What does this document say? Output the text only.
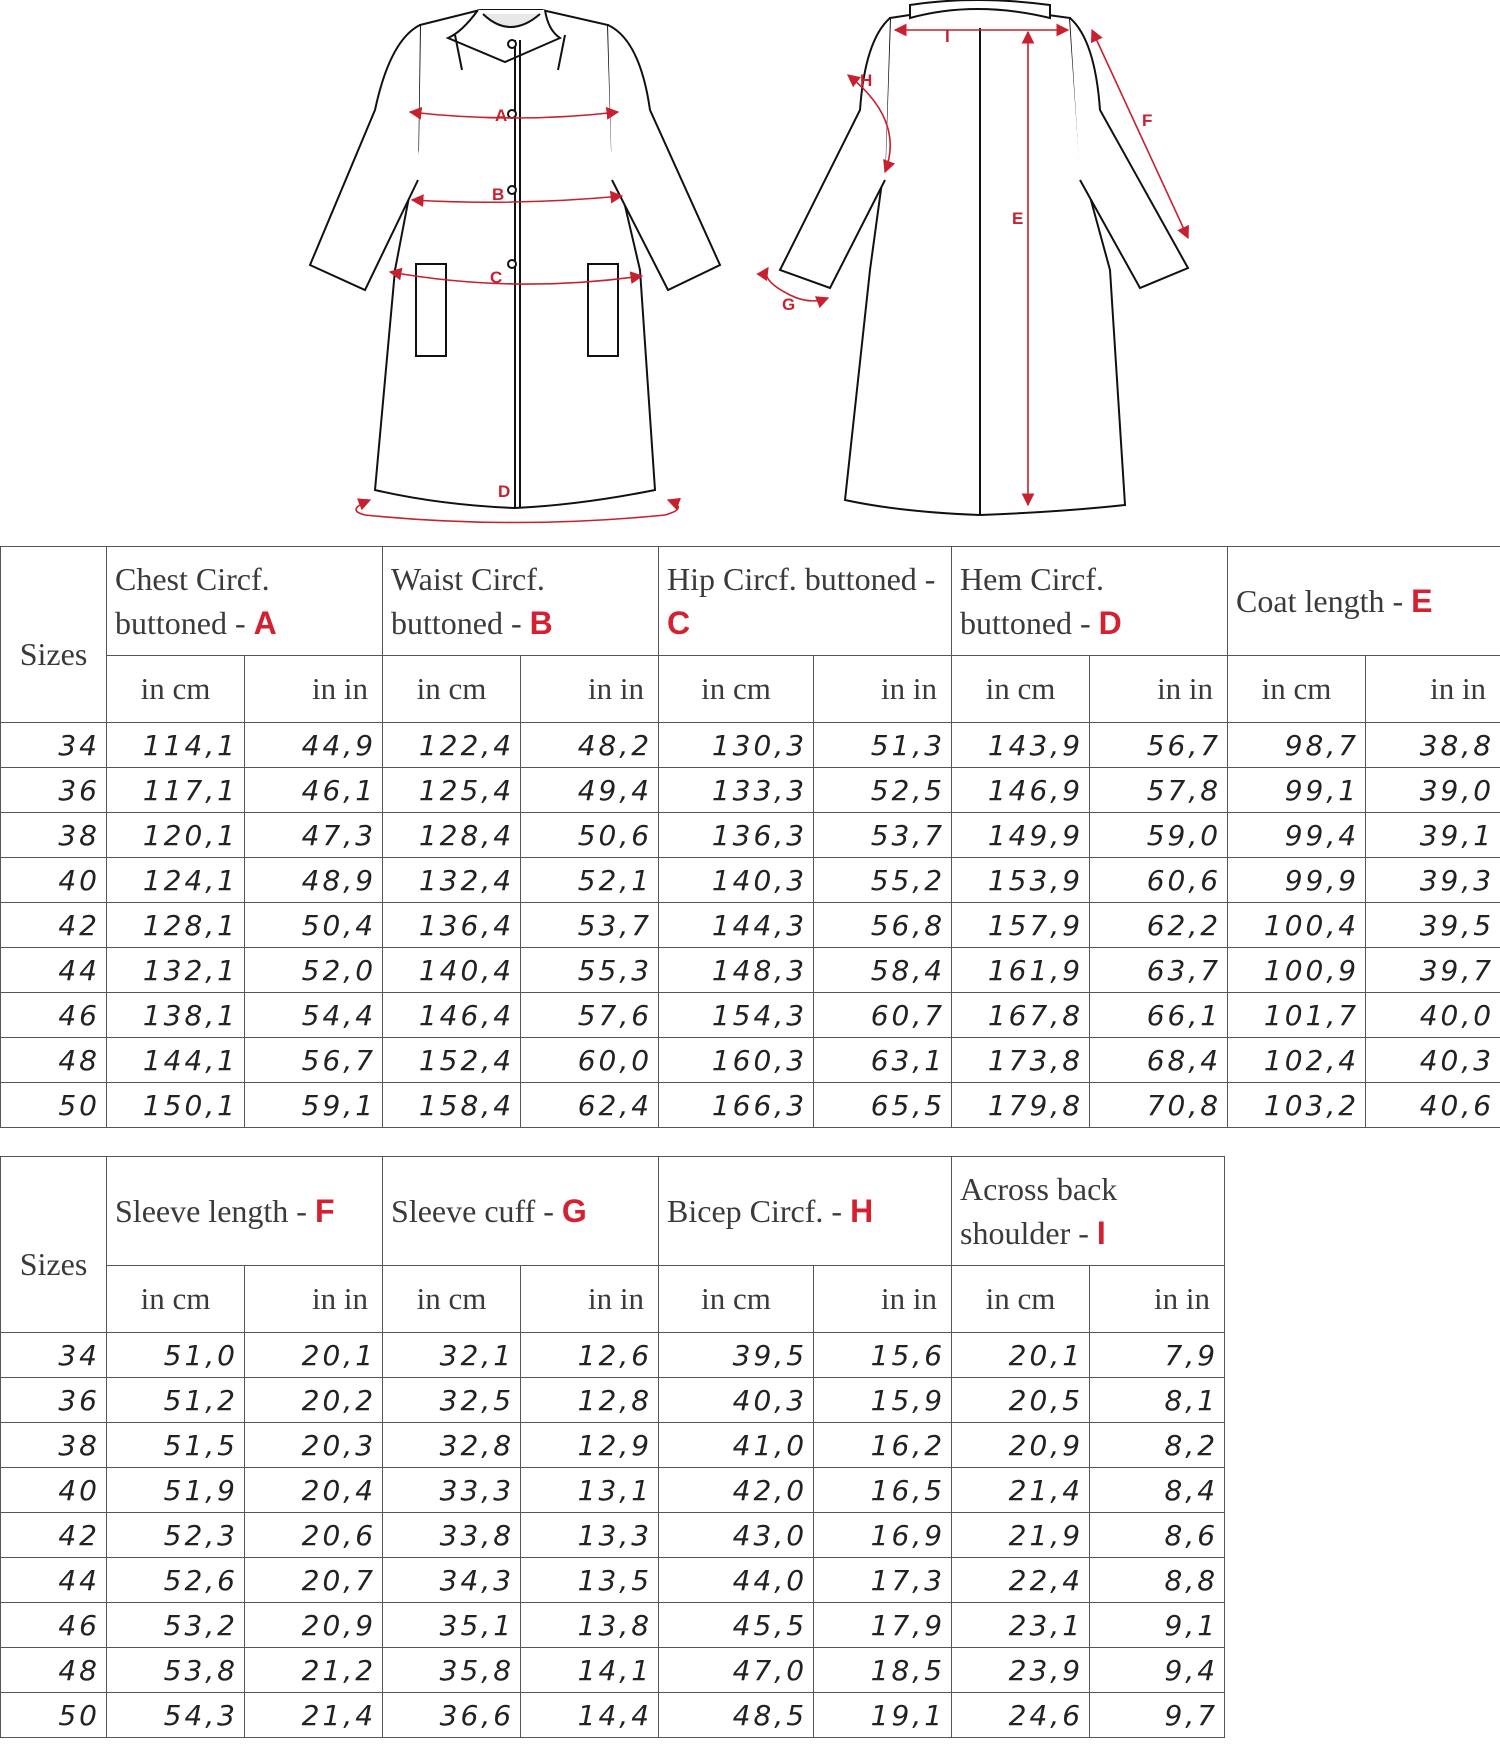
A
B
C
D
I
H
F
E
G
Sizes	Chest Circf. buttoned - A		Waist Circf. buttoned - B		Hip Circf. buttoned - C		Hem Circf. buttoned - D		Coat length - E	
	in cm	in in	in cm	in in	in cm	in in	in cm	in in	in cm	in in
34	114,1	44,9	122,4	48,2	130,3	51,3	143,9	56,7	98,7	38,8
36	117,1	46,1	125,4	49,4	133,3	52,5	146,9	57,8	99,1	39,0
38	120,1	47,3	128,4	50,6	136,3	53,7	149,9	59,0	99,4	39,1
40	124,1	48,9	132,4	52,1	140,3	55,2	153,9	60,6	99,9	39,3
42	128,1	50,4	136,4	53,7	144,3	56,8	157,9	62,2	100,4	39,5
44	132,1	52,0	140,4	55,3	148,3	58,4	161,9	63,7	100,9	39,7
46	138,1	54,4	146,4	57,6	154,3	60,7	167,8	66,1	101,7	40,0
48	144,1	56,7	152,4	60,0	160,3	63,1	173,8	68,4	102,4	40,3
50	150,1	59,1	158,4	62,4	166,3	65,5	179,8	70,8	103,2	40,6
Sizes	Sleeve length - F		Sleeve cuff - G		Bicep Circf. - H		Across back shoulder - I	
	in cm	in in	in cm	in in	in cm	in in	in cm	in in
34	51,0	20,1	32,1	12,6	39,5	15,6	20,1	7,9
36	51,2	20,2	32,5	12,8	40,3	15,9	20,5	8,1
38	51,5	20,3	32,8	12,9	41,0	16,2	20,9	8,2
40	51,9	20,4	33,3	13,1	42,0	16,5	21,4	8,4
42	52,3	20,6	33,8	13,3	43,0	16,9	21,9	8,6
44	52,6	20,7	34,3	13,5	44,0	17,3	22,4	8,8
46	53,2	20,9	35,1	13,8	45,5	17,9	23,1	9,1
48	53,8	21,2	35,8	14,1	47,0	18,5	23,9	9,4
50	54,3	21,4	36,6	14,4	48,5	19,1	24,6	9,7
